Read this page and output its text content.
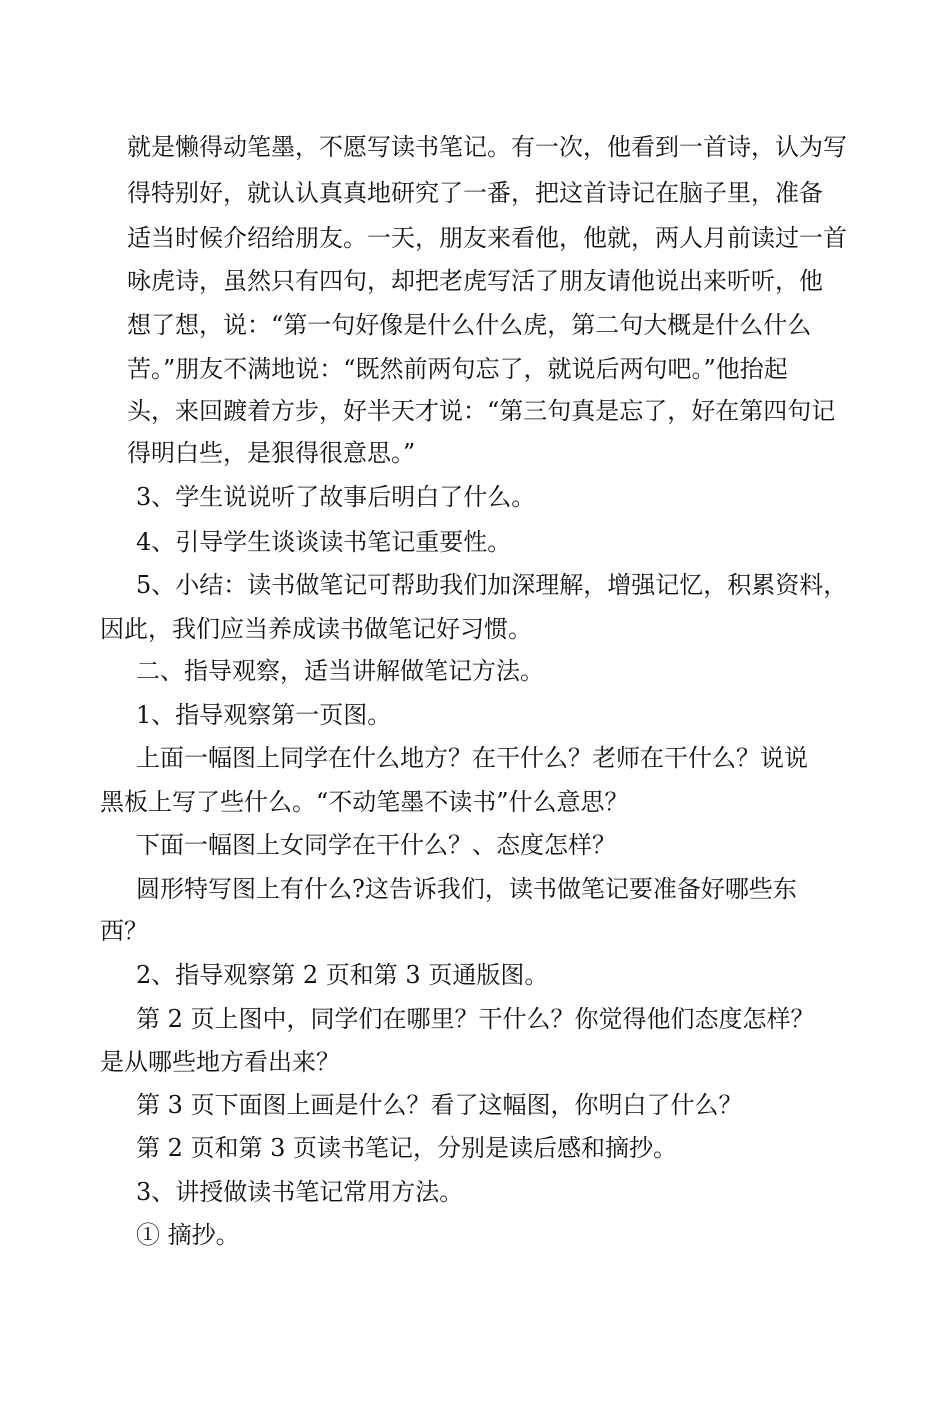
就是懒得动笔墨，不愿写读书笔记。有一次，他看到一首诗，认为写
得特别好，就认认真真地研究了一番，把这首诗记在脑子里，准备
适当时候介绍给朋友。一天，朋友来看他，他就，两人月前读过一首
咏虎诗，虽然只有四句，却把老虎写活了朋友请他说出来听听，他
想了想，说：“第一句好像是什么什么虎，第二句大概是什么什么
苦。”朋友不满地说：“既然前两句忘了，就说后两句吧。”他抬起
头，来回踱着方步，好半天才说：“第三句真是忘了，好在第四句记
得明白些，是狠得很意思。”
3、学生说说听了故事后明白了什么。
4、引导学生谈谈读书笔记重要性。
5、小结：读书做笔记可帮助我们加深理解，增强记忆，积累资料，
因此，我们应当养成读书做笔记好习惯。
二、指导观察，适当讲解做笔记方法。
1、指导观察第一页图。
上面一幅图上同学在什么地方？在干什么？老师在干什么？说说
黑板上写了些什么。“不动笔墨不读书”什么意思？
下面一幅图上女同学在干什么？、态度怎样？
圆形特写图上有什么?这告诉我们，读书做笔记要准备好哪些东
西？
2、指导观察第 2 页和第 3 页通版图。
第 2 页上图中，同学们在哪里？干什么？你觉得他们态度怎样？
是从哪些地方看出来？
第 3 页下面图上画是什么？看了这幅图，你明白了什么？
第 2 页和第 3 页读书笔记，分别是读后感和摘抄。
3、讲授做读书笔记常用方法。
① 摘抄。
